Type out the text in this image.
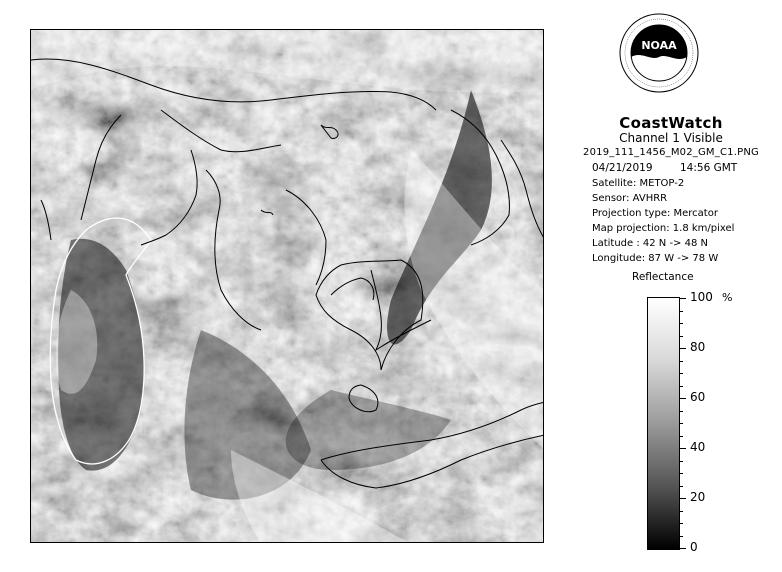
NOAA
CoastWatch
Channel 1 Visible
2019_111_1456_M02_GM_C1.PNG
04/21/2019	14:56 GMT
Satellite: METOP-2
Sensor: AVHRR
Projection type: Mercator
Map projection: 1.8 km/pixel
Latitude : 42 N -> 48 N
Longitude: 87 W -> 78 W
Reflectance
%
100
80
60
40
20
0
